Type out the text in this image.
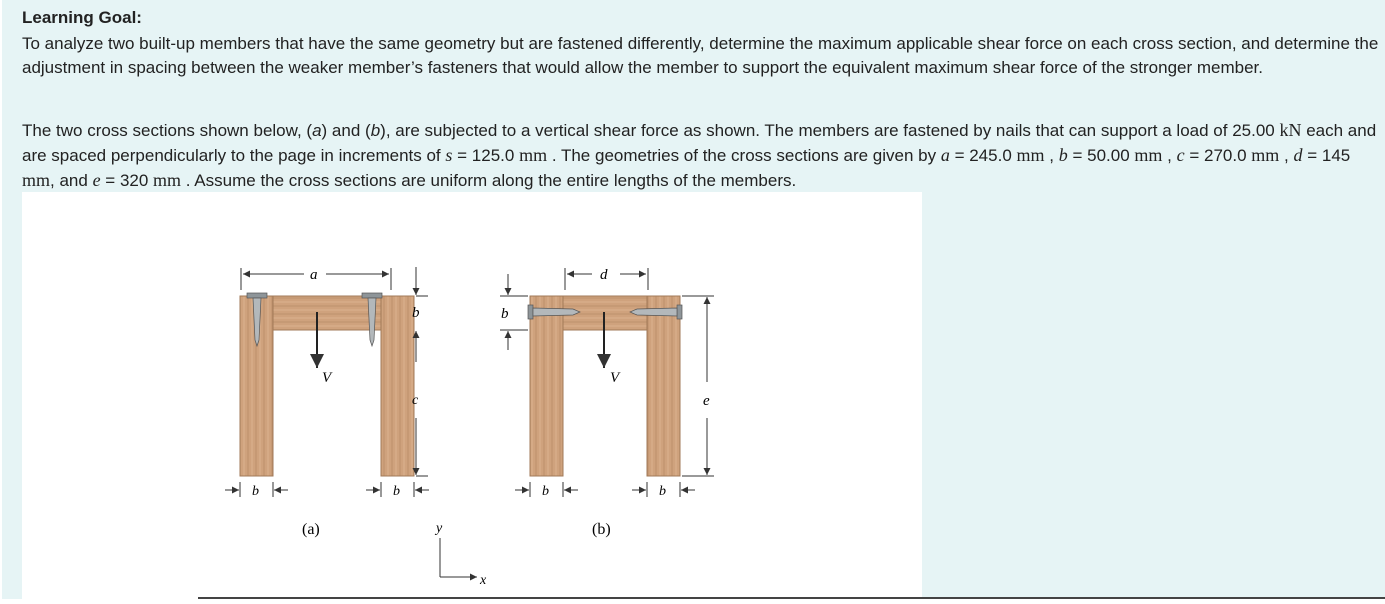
Learning Goal:

To analyze two built-up members that have the same geometry but are fastened differently, determine the maximum applicable shear force on each cross section, and determine the adjustment in spacing between the weaker member’s fasteners that would allow the member to support the equivalent maximum shear force of the stronger member.

The two cross sections shown below, (a) and (b), are subjected to a vertical shear force as shown. The members are fastened by nails that can support a load of 25.00 kN each and are spaced perpendicularly to the page in increments of s = 125.0 mm . The geometries of the cross sections are given by a = 245.0 mm , b = 50.00 mm , c = 270.0 mm , d = 145 mm, and e = 320 mm . Assume the cross sections are uniform along the entire lengths of the members.

V
a
b
c
b	b
(a)
V
d
b
e
b	b
(b)
y
x
